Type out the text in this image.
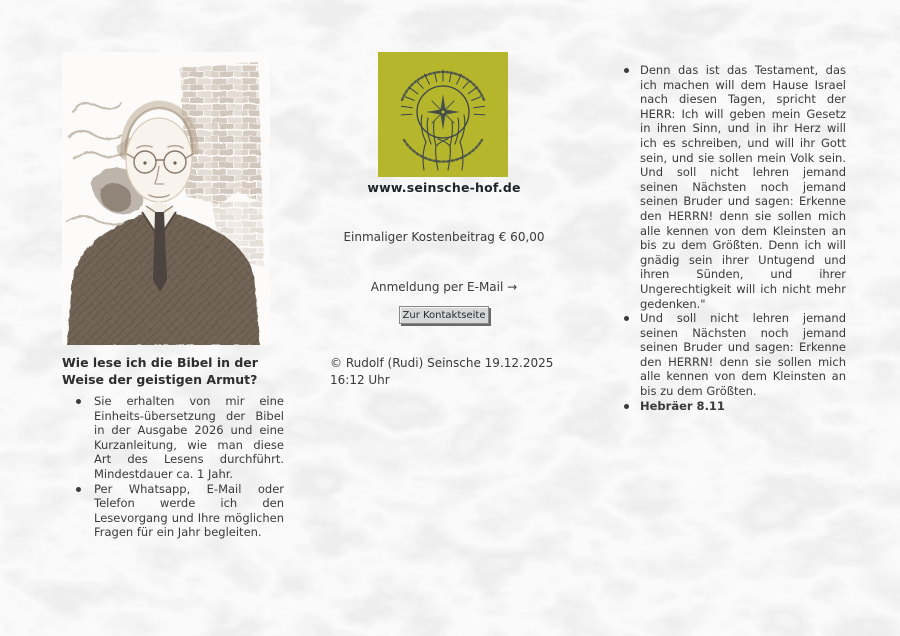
Wie lese ich die Bibel in der Weise der geistigen Armut?
Sie erhalten von mir eine Einheits-übersetzung der Bibel in der Ausgabe 2026 und eine Kurzanleitung, wie man diese Art des Lesens durchführt. Mindestdauer ca. 1 Jahr.
Per Whatsapp, E-Mail oder Telefon werde ich den Lesevorgang und Ihre möglichen Fragen für ein Jahr begleiten.
www.seinsche-hof.de
Einmaliger Kostenbeitrag € 60,00
Anmeldung per E-Mail →
Zur Kontaktseite
© Rudolf (Rudi) Seinsche 19.12.2025 16:12 Uhr
Denn das ist das Testament, das ich machen will dem Hause Israel nach diesen Tagen, spricht der HERR: Ich will geben mein Gesetz in ihren Sinn, und in ihr Herz will ich es schreiben, und will ihr Gott sein, und sie sollen mein Volk sein. Und soll nicht lehren jemand seinen Nächsten noch jemand seinen Bruder und sagen: Erkenne den HERRN! denn sie sollen mich alle kennen von dem Kleinsten an bis zu dem Größten. Denn ich will gnädig sein ihrer Untugend und ihren Sünden, und ihrer Ungerechtigkeit will ich nicht mehr gedenken."
Und soll nicht lehren jemand seinen Nächsten noch jemand seinen Bruder und sagen: Erkenne den HERRN! denn sie sollen mich alle kennen von dem Kleinsten an bis zu dem Größten.
Hebräer 8.11
